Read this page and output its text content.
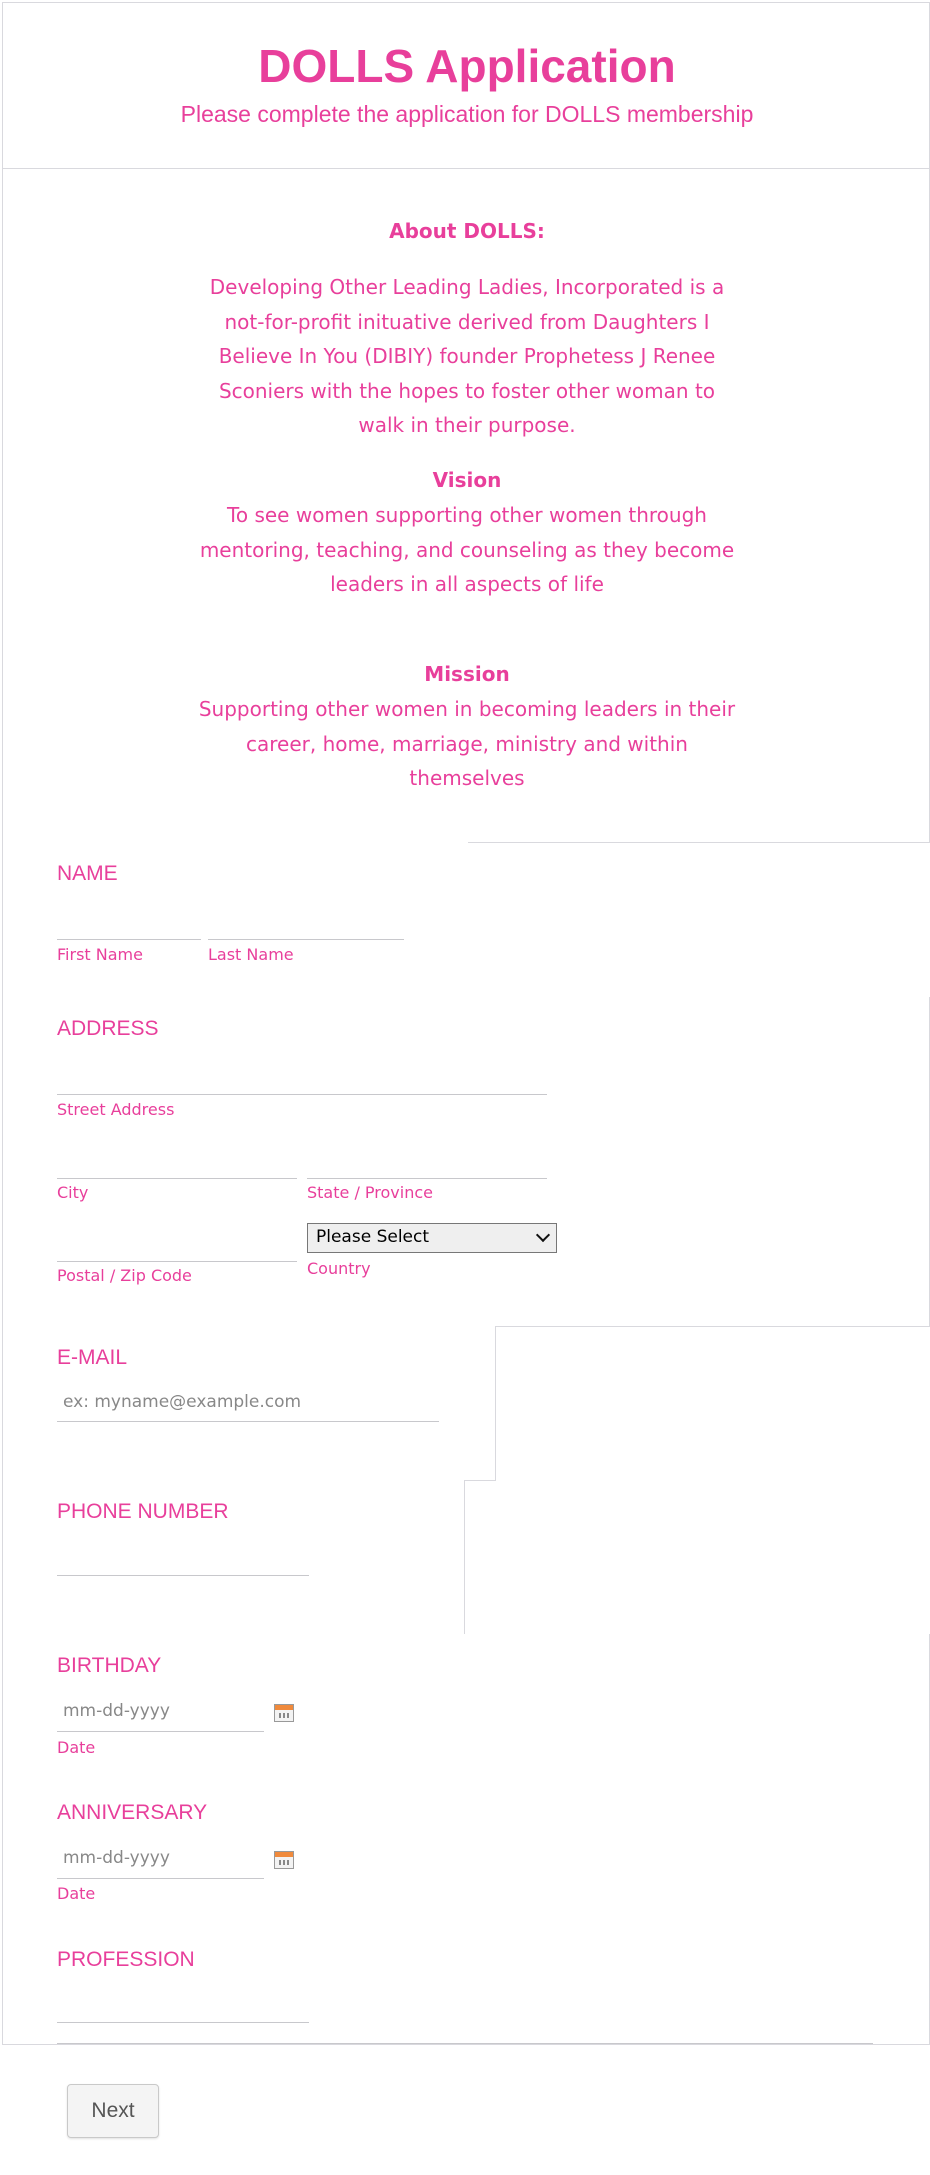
DOLLS Application

Please complete the application for DOLLS membership

About DOLLS:

Developing Other Leading Ladies, Incorporated is a
not-for-profit inituative derived from Daughters I
Believe In You (DIBIY) founder Prophetess J Renee
Sconiers with the hopes to foster other woman to
walk in their purpose.

Vision

To see women supporting other women through
mentoring, teaching, and counseling as they become
leaders in all aspects of life

Mission

Supporting other women in becoming leaders in their
career, home, marriage, ministry and within
themselves

NAME
First Name	Last Name
ADDRESS
Street Address
City	State / Province
Postal / Zip Code
Please Select
Country
E-MAIL
ex: myname@example.com
PHONE NUMBER
BIRTHDAY
mm-dd-yyyy
Date
ANNIVERSARY
mm-dd-yyyy
Date
PROFESSION
Next
